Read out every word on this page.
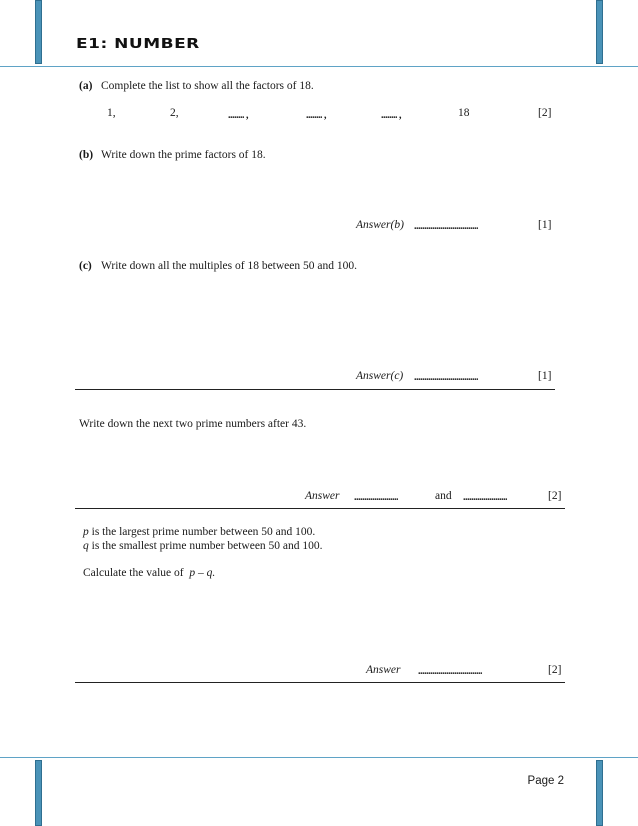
E1: NUMBER
(a) Complete the list to show all the factors of 18.
1,	2,	........ ,	........ ,	........ ,	18	[2]
(b) Write down the prime factors of 18.
Answer(b) ................................	[1]
(c) Write down all the multiples of 18 between 50 and 100.
Answer(c) ................................	[1]
Write down the next two prime numbers after 43.
Answer ......................	and ......................	[2]
p is the largest prime number between 50 and 100.
q is the smallest prime number between 50 and 100.
Calculate the value of p – q.
Answer ................................	[2]
Page 2
